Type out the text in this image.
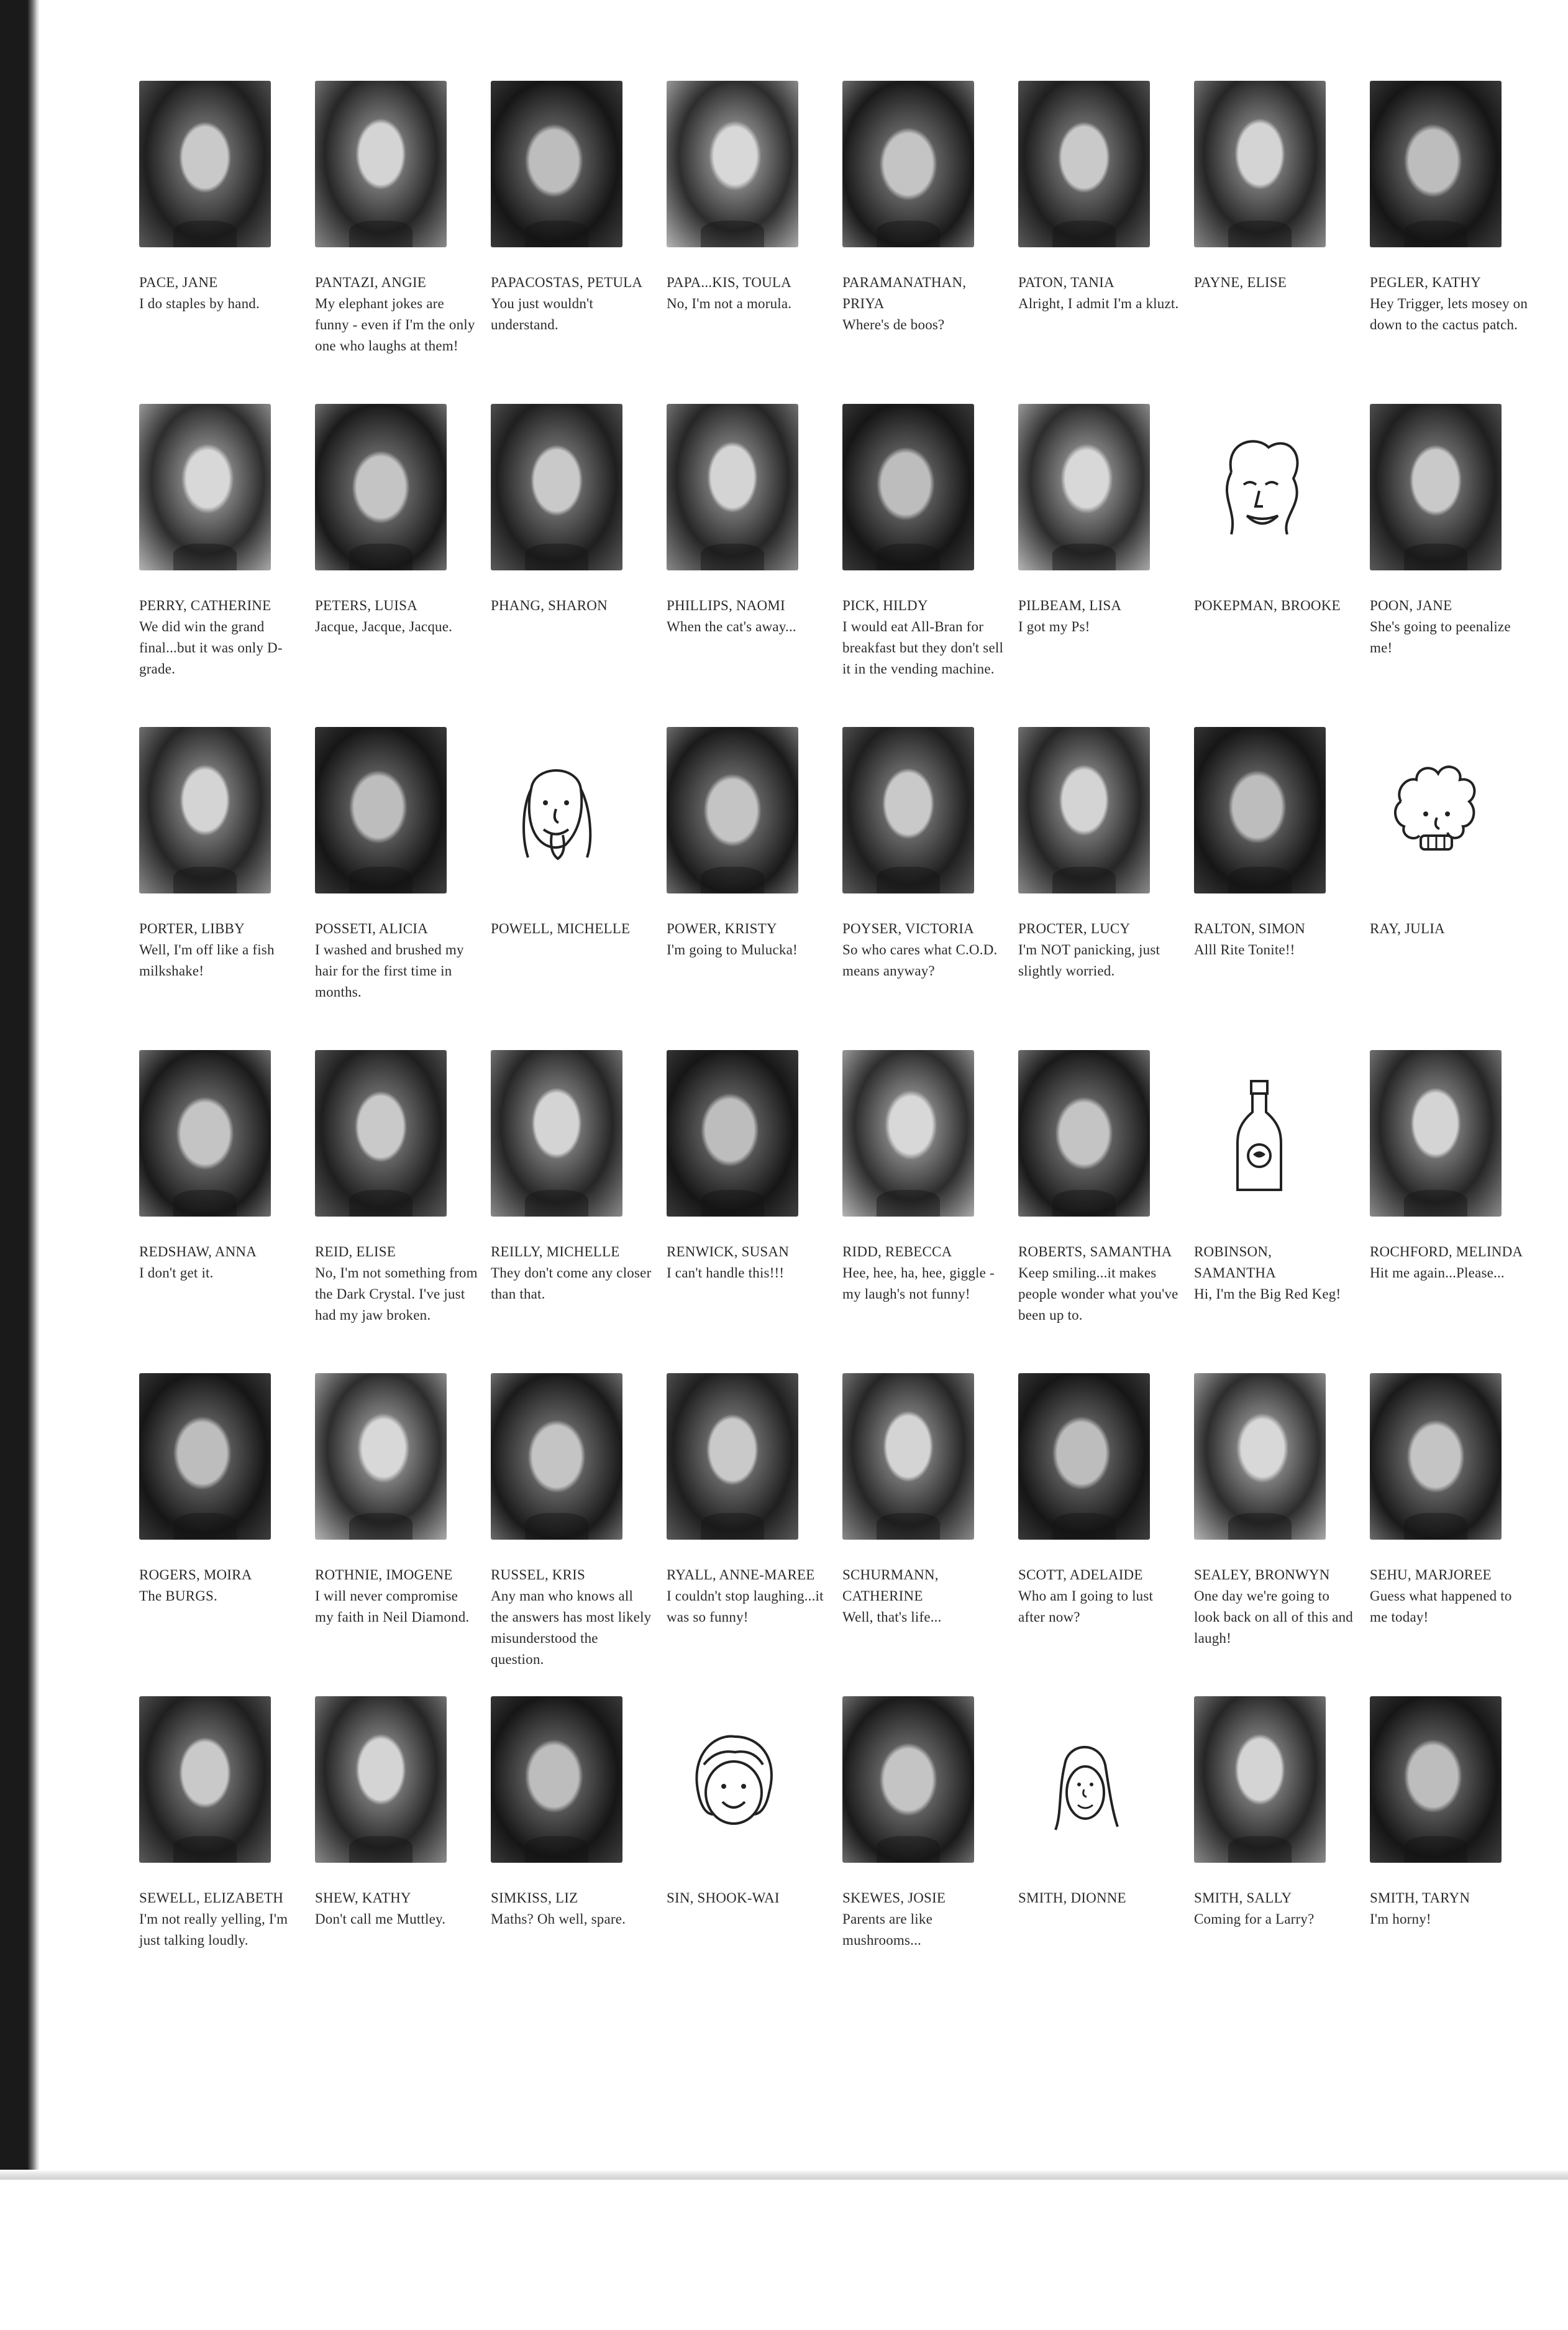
PACE, JANE

I do staples by hand.

PANTAZI, ANGIE

My elephant jokes are funny - even if I'm the only one who laughs at them!

PAPACOSTAS, PETULA

You just wouldn't understand.

PAPA...KIS, TOULA

No, I'm not a morula.

PARAMANATHAN, PRIYA

Where's de boos?

PATON, TANIA

Alright, I admit I'm a kluzt.

PAYNE, ELISE	PEGLER, KATHY

Hey Trigger, lets mosey on down to the cactus patch.

PERRY, CATHERINE

We did win the grand final...but it was only D-grade.

PETERS, LUISA

Jacque, Jacque, Jacque.

PHANG, SHARON	PHILLIPS, NAOMI

When the cat's away...

PICK, HILDY

I would eat All-Bran for breakfast but they don't sell it in the vending machine.

PILBEAM, LISA

I got my Ps!

POKEPMAN, BROOKE	POON, JANE

She's going to peenalize me!

PORTER, LIBBY

Well, I'm off like a fish milkshake!

POSSETI, ALICIA

I washed and brushed my hair for the first time in months.

POWELL, MICHELLE	POWER, KRISTY

I'm going to Mulucka!

POYSER, VICTORIA

So who cares what C.O.D. means anyway?

PROCTER, LUCY

I'm NOT panicking, just slightly worried.

RALTON, SIMON

Alll Rite Tonite!!

RAY, JULIA

REDSHAW, ANNA

I don't get it.

REID, ELISE

No, I'm not something from the Dark Crystal. I've just had my jaw broken.

REILLY, MICHELLE

They don't come any closer than that.

RENWICK, SUSAN

I can't handle this!!!

RIDD, REBECCA

Hee, hee, ha, hee, giggle - my laugh's not funny!

ROBERTS, SAMANTHA

Keep smiling...it makes people wonder what you've been up to.

ROBINSON, SAMANTHA

Hi, I'm the Big Red Keg!

ROCHFORD, MELINDA

Hit me again...Please...

ROGERS, MOIRA

The BURGS.

ROTHNIE, IMOGENE

I will never compromise my faith in Neil Diamond.

RUSSEL, KRIS

Any man who knows all the answers has most likely misunderstood the question.

RYALL, ANNE-MAREE

I couldn't stop laughing...it was so funny!

SCHURMANN, CATHERINE

Well, that's life...

SCOTT, ADELAIDE

Who am I going to lust after now?

SEALEY, BRONWYN

One day we're going to look back on all of this and laugh!

SEHU, MARJOREE

Guess what happened to me today!

SEWELL, ELIZABETH

I'm not really yelling, I'm just talking loudly.

SHEW, KATHY

Don't call me Muttley.

SIMKISS, LIZ

Maths? Oh well, spare.

SIN, SHOOK-WAI	SKEWES, JOSIE

Parents are like mushrooms...

SMITH, DIONNE	SMITH, SALLY

Coming for a Larry?

SMITH, TARYN

I'm horny!
